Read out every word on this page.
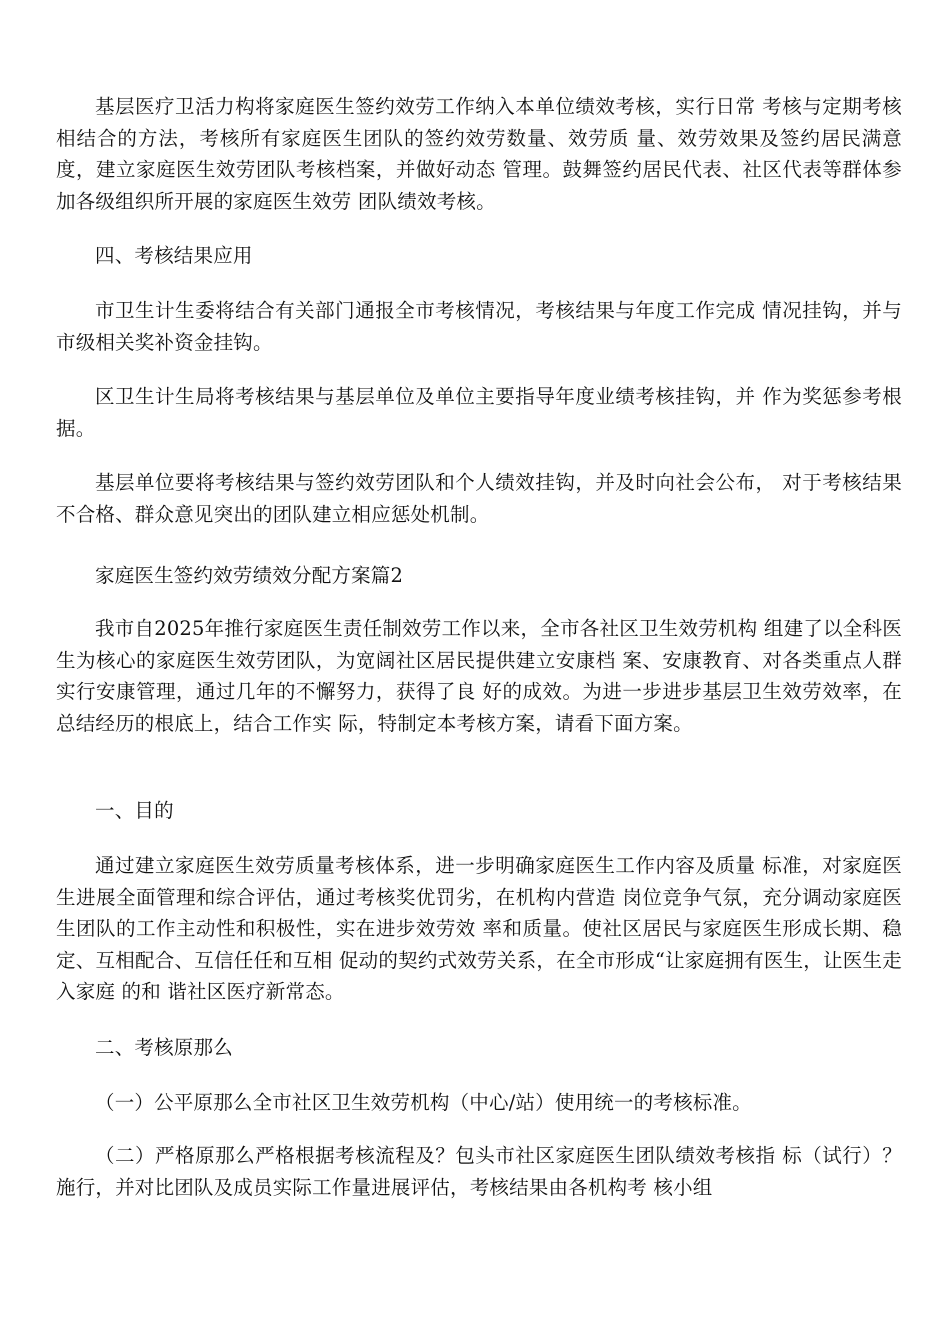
基层医疗卫活力构将家庭医生签约效劳工作纳入本单位绩效考核，实行日常 考核与定期考核相结合的方法，考核所有家庭医生团队的签约效劳数量、效劳质 量、效劳效果及签约居民满意度，建立家庭医生效劳团队考核档案，并做好动态 管理。鼓舞签约居民代表、社区代表等群体参加各级组织所开展的家庭医生效劳 团队绩效考核。

四、考核结果应用

市卫生计生委将结合有关部门通报全市考核情况，考核结果与年度工作完成 情况挂钩，并与市级相关奖补资金挂钩。

区卫生计生局将考核结果与基层单位及单位主要指导年度业绩考核挂钩，并 作为奖惩参考根据。

基层单位要将考核结果与签约效劳团队和个人绩效挂钩，并及时向社会公布， 对于考核结果不合格、群众意见突出的团队建立相应惩处机制。

家庭医生签约效劳绩效分配方案篇2

我市自2025年推行家庭医生责任制效劳工作以来，全市各社区卫生效劳机构 组建了以全科医生为核心的家庭医生效劳团队，为宽阔社区居民提供建立安康档 案、安康教育、对各类重点人群实行安康管理，通过几年的不懈努力，获得了良 好的成效。为进一步进步基层卫生效劳效率，在总结经历的根底上，结合工作实 际，特制定本考核方案，请看下面方案。

一、目的

通过建立家庭医生效劳质量考核体系，进一步明确家庭医生工作内容及质量 标准，对家庭医生进展全面管理和综合评估，通过考核奖优罚劣，在机构内营造 岗位竞争气氛，充分调动家庭医生团队的工作主动性和积极性，实在进步效劳效 率和质量。使社区居民与家庭医生形成长期、稳定、互相配合、互信任任和互相 促动的契约式效劳关系，在全市形成“让家庭拥有医生，让医生走入家庭 的和 谐社区医疗新常态。

二、考核原那么

（一）公平原那么全市社区卫生效劳机构（中心/站）使用统一的考核标准。

（二）严格原那么严格根据考核流程及？包头市社区家庭医生团队绩效考核指 标（试行）？施行，并对比团队及成员实际工作量进展评估，考核结果由各机构考 核小组
